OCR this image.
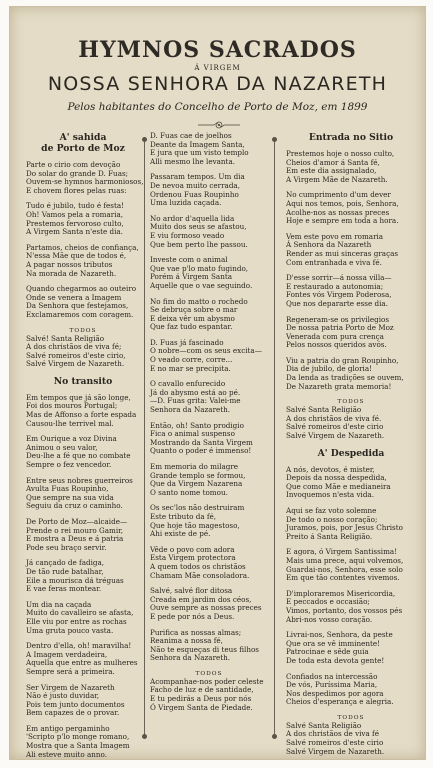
HYMNOS SACRADOS
Á VIRGEM
NOSSA SENHORA DA NAZARETH
Pelos habitantes do Concelho de Porto de Moz, em 1899
A' sahida
de Porto de Moz
Parte o cirio com devoção
Do solar do grande D. Fuas;
Ouvem-se hymnos harmoniosos,
E chovem flores pelas ruas:
Tudo é jubilo, tudo é festa!
Oh! Vamos pela a romaria,
Prestemos fervoroso culto,
A Virgem Santa n'este dia.
Partamos, cheios de confiança,
N'essa Mãe que de todos é,
A pagar nossos tributos
Na morada de Nazareth.
Quando chegarmos ao outeiro
Onde se venera a Imagem
Da Senhora que festejamos,
Exclamaremos com coragem.
TODOS
Salvé! Santa Religião
A dos christãos de viva fé;
Salvé romeiros d'este cirio,
Salvé Virgem de Nazareth.
No transito
Em tempos que já são longe,
Foi dos mouros Portugal;
Mas de Affonso a forte espada
Causou-lhe terrivel mal.
Em Ourique a voz Divina
Animou o seu valor,
Deu-lhe a fé que no combate
Sempre o fez vencedor.
Entre seus nobres guerreiros
Avulta Fuas Roupinho,
Que sempre na sua vida
Seguiu da cruz o caminho.
De Porto de Moz—alcaide—
Prende o rei mouro Gamir,
E mostra a Deus e á patria
Pode seu braço servir.
Já cançado de fadiga,
De tão rude batalhar,
Eile a mourisca dá tréguas
E vae feras montear.
Um dia na caçada
Muito do cavalleiro se afasta,
Elle viu por entre as rochas
Uma gruta pouco vasta.
Dentro d'ella, oh! maravilha!
A Imagem verdadeira,
Aquella que entre as mulheres
Sempre será a primeira.
Ser Virgem de Nazareth
Não é justo duvidar,
Pois tem junto documentos
Bem capazes de o provar.
Em antigo pergaminho
'Scripto p'lo monge romano,
Mostra que a Santa Imagem
Ali esteve muito anno.
D. Fuas cae de joelhos
Deante da Imagem Santa,
E jura que um visto templo
Alli mesmo lhe levanta.
Passaram tempos. Um dia
De nevoa muito cerrada,
Ordenou Fuas Roupinho
Uma luzida caçada.
No ardor d'aquella lida
Muito dos seus se afastou,
E viu formoso veado
Que bem perto lhe passou.
Investe com o animal
Que vae p'lo mato fugindo,
Porém á Virgem Santa
Aquelle que o vae seguindo.
No fim do matto o rochedo
Se debruça sobre o mar
E deixa vêr um abysmo
Que faz tudo espantar.
D. Fuas já fascinado
O nobre—com os seus excita—
O veado corre, corre...
E no mar se precipita.
O cavallo enfurecido
Já do abysmo está ao pé.
—D. Fuas grita: Valei-me
Senhora da Nazareth.
Então, oh! Santo prodigio
Fica o animal suspenso
Mostrando da Santa Virgem
Quanto o poder é immenso!
Em memoria do milagre
Grande templo se formou,
Que da Virgem Nazarena
O santo nome tomou.
Os sec'los não destruiram
Este tributo da fé,
Que hoje tão magestoso,
Ahi existe de pé.
Vêde o povo com adora
Esta Virgem protectora
A quem todos os christãos
Chamam Mãe consoladora.
Salvé, salvé flor ditosa
Creada em jardim dos céos,
Ouve sempre as nossas preces
E pede por nós a Deus.
Purifica as nossas almas;
Reanima a nossa fé,
Não te esqueças di teus filhos
Senhora da Nazareth.
TODOS
Acompanhae-nos poder celeste
Facho de luz e de santidade,
E tu pedirás a Deus por nós
Ó Virgem Santa de Piedade.
Entrada no Sitio
Prestemos hoje o nosso culto,
Cheios d'amor á Santa fé,
Em este dia assignalado,
A Virgem Mãe de Nazareth.
No cumprimento d'um dever
Aqui nos temos, pois, Senhora,
Acolhe-nos as nossas preces
Hoje e sempre em toda a hora.
Vem este povo em romaria
Á Senhora da Nazareth
Render as mui sinceras graças
Com entranhada e viva fé.
D'esse sorrir—á nossa villa—
E restaurado a autonomia;
Fontes vós Virgem Poderosa,
Que nos depararte esse dia.
Regeneram-se os privilegios
De nossa patria Porto de Moz
Venerada com pura crença
Pelos nossos queridos avós.
Viu a patria do gran Roupinho,
Dia de jubilo, de gloria!
Da lenda as tradições se ouvem,
De Nazareth grata memoria!
TODOS
Salvé Santa Religião
A dos christãos de viva fé.
Salvé romeiros d'este cirio
Salvé Virgem de Nazareth.
A' Despedida
A nós, devotos, é mister,
Depois da nossa despedida,
Que como Mãe e medianeira
Invoquemos n'esta vida.
Aqui se faz voto solemne
De todo o nosso coração;
Juramos, pois, por Jesus Christo
Preito á Santa Religião.
E agora, ó Virgem Santissima!
Mais uma prece, aqui volvemos,
Guardai-nos, Senhora, esse solo
Em que tão contentes vivemos.
D'imploraremos Misericordia,
E peccados e occasião;
Vimos, portanto, dos vossos pés
Abri-nos vosso coração.
Livrai-nos, Senhora, da peste
Que ora se vê imminente!
Patrocinae e sêde guia
De toda esta devota gente!
Confiados na intercessão
De vós, Puríssima Maria,
Nos despedimos por agora
Cheios d'esperança e alegria.
TODOS
Salvé Santa Religião
A dos christãos de viva fé
Salvé romeiros d'este cirio
Salvé Virgem de Nazareth.
